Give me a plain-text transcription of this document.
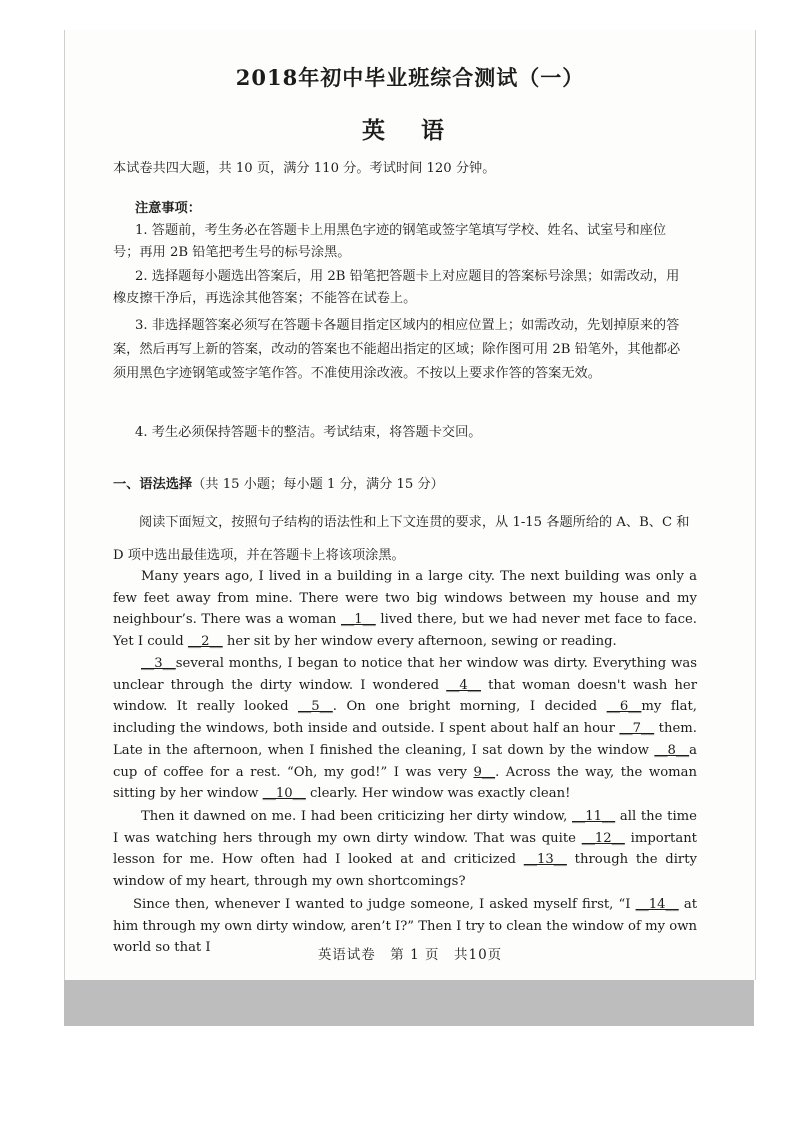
2018年初中毕业班综合测试（一）
英 语
本试卷共四大题，共 10 页，满分 110 分。考试时间 120 分钟。
注意事项：
1. 答题前，考生务必在答题卡上用黑色字迹的钢笔或签字笔填写学校、姓名、试室号和座位号；再用 2B 铅笔把考生号的标号涂黑。
2. 选择题每小题选出答案后，用 2B 铅笔把答题卡上对应题目的答案标号涂黑；如需改动，用橡皮擦干净后，再选涂其他答案；不能答在试卷上。
3. 非选择题答案必须写在答题卡各题目指定区域内的相应位置上；如需改动，先划掉原来的答案，然后再写上新的答案，改动的答案也不能超出指定的区域；除作图可用 2B 铅笔外，其他都必须用黑色字迹钢笔或签字笔作答。不准使用涂改液。不按以上要求作答的答案无效。
4. 考生必须保持答题卡的整洁。考试结束，将答题卡交回。
一、语法选择（共 15 小题；每小题 1 分，满分 15 分）
阅读下面短文，按照句子结构的语法性和上下文连贯的要求，从 1-15 各题所给的 A、B、C 和 D 项中选出最佳选项，并在答题卡上将该项涂黑。
Many years ago, I lived in a building in a large city. The next building was only a few feet away from mine. There were two big windows between my house and my neighbour’s. There was a woman __1__ lived there, but we had never met face to face. Yet I could __2__ her sit by her window every afternoon, sewing or reading.
__3__several months, I began to notice that her window was dirty. Everything was unclear through the dirty window. I wondered __4__ that woman doesn't wash her window. It really looked __5__. On one bright morning, I decided __6__my flat, including the windows, both inside and outside. I spent about half an hour __7__ them. Late in the afternoon, when I finished the cleaning, I sat down by the window __8__a cup of coffee for a rest. “Oh, my god!” I was very 9__. Across the way, the woman sitting by her window __10__ clearly. Her window was exactly clean!
Then it dawned on me. I had been criticizing her dirty window, __11__ all the time I was watching hers through my own dirty window. That was quite __12__ important lesson for me. How often had I looked at and criticized __13__ through the dirty window of my heart, through my own shortcomings?
Since then, whenever I wanted to judge someone, I asked myself first, “I __14__ at him through my own dirty window, aren’t I?” Then I try to clean the window of my own world so that I	英语试卷　第 1 页　共10页
